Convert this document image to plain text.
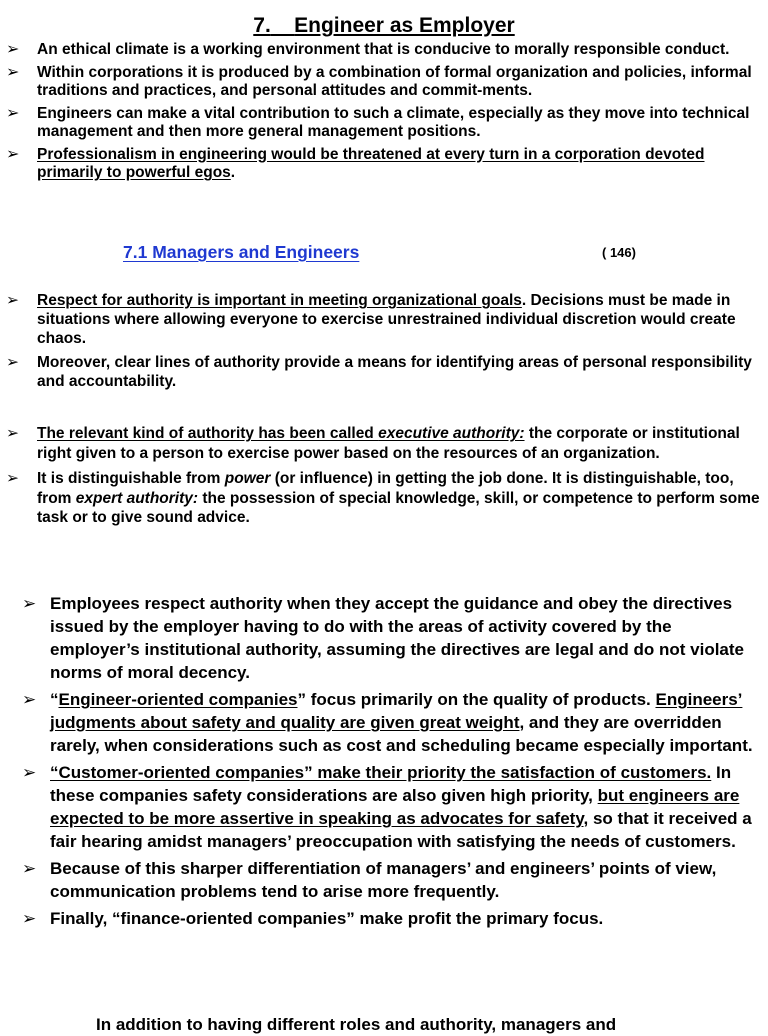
7. Engineer as Employer
➢ An ethical climate is a working environment that is conducive to morally responsible conduct.
➢ Within corporations it is produced by a combination of formal organization and policies, informal traditions and practices, and personal attitudes and commit-ments.
➢ Engineers can make a vital contribution to such a climate, especially as they move into technical management and then more general management positions.
➢ Professionalism in engineering would be threatened at every turn in a corporation devoted primarily to powerful egos.
7.1 Managers and Engineers	( 146)
➢ Respect for authority is important in meeting organizational goals. Decisions must be made in situations where allowing everyone to exercise unrestrained individual discretion would create chaos.
➢ Moreover, clear lines of authority provide a means for identifying areas of personal responsibility and accountability.
➢ The relevant kind of authority has been called executive authority: the corporate or institutional right given to a person to exercise power based on the resources of an organization.
➢ It is distinguishable from power (or influence) in getting the job done. It is distinguishable, too, from expert authority: the possession of special knowledge, skill, or competence to perform some task or to give sound advice.
➢ Employees respect authority when they accept the guidance and obey the directives issued by the employer having to do with the areas of activity covered by the employer’s institutional authority, assuming the directives are legal and do not violate norms of moral decency.
➢ “Engineer-oriented companies” focus primarily on the quality of products. Engineers’ judgments about safety and quality are given great weight, and they are overridden rarely, when considerations such as cost and scheduling became especially important.
➢ “Customer-oriented companies” make their priority the satisfaction of customers. In these companies safety considerations are also given high priority, but engineers are expected to be more assertive in speaking as advocates for safety, so that it received a fair hearing amidst managers’ preoccupation with satisfying the needs of customers.
➢ Because of this sharper differentiation of managers’ and engineers’ points of view, communication problems tend to arise more frequently.
➢ Finally, “finance-oriented companies” make profit the primary focus.
In addition to having different roles and authority, managers and
